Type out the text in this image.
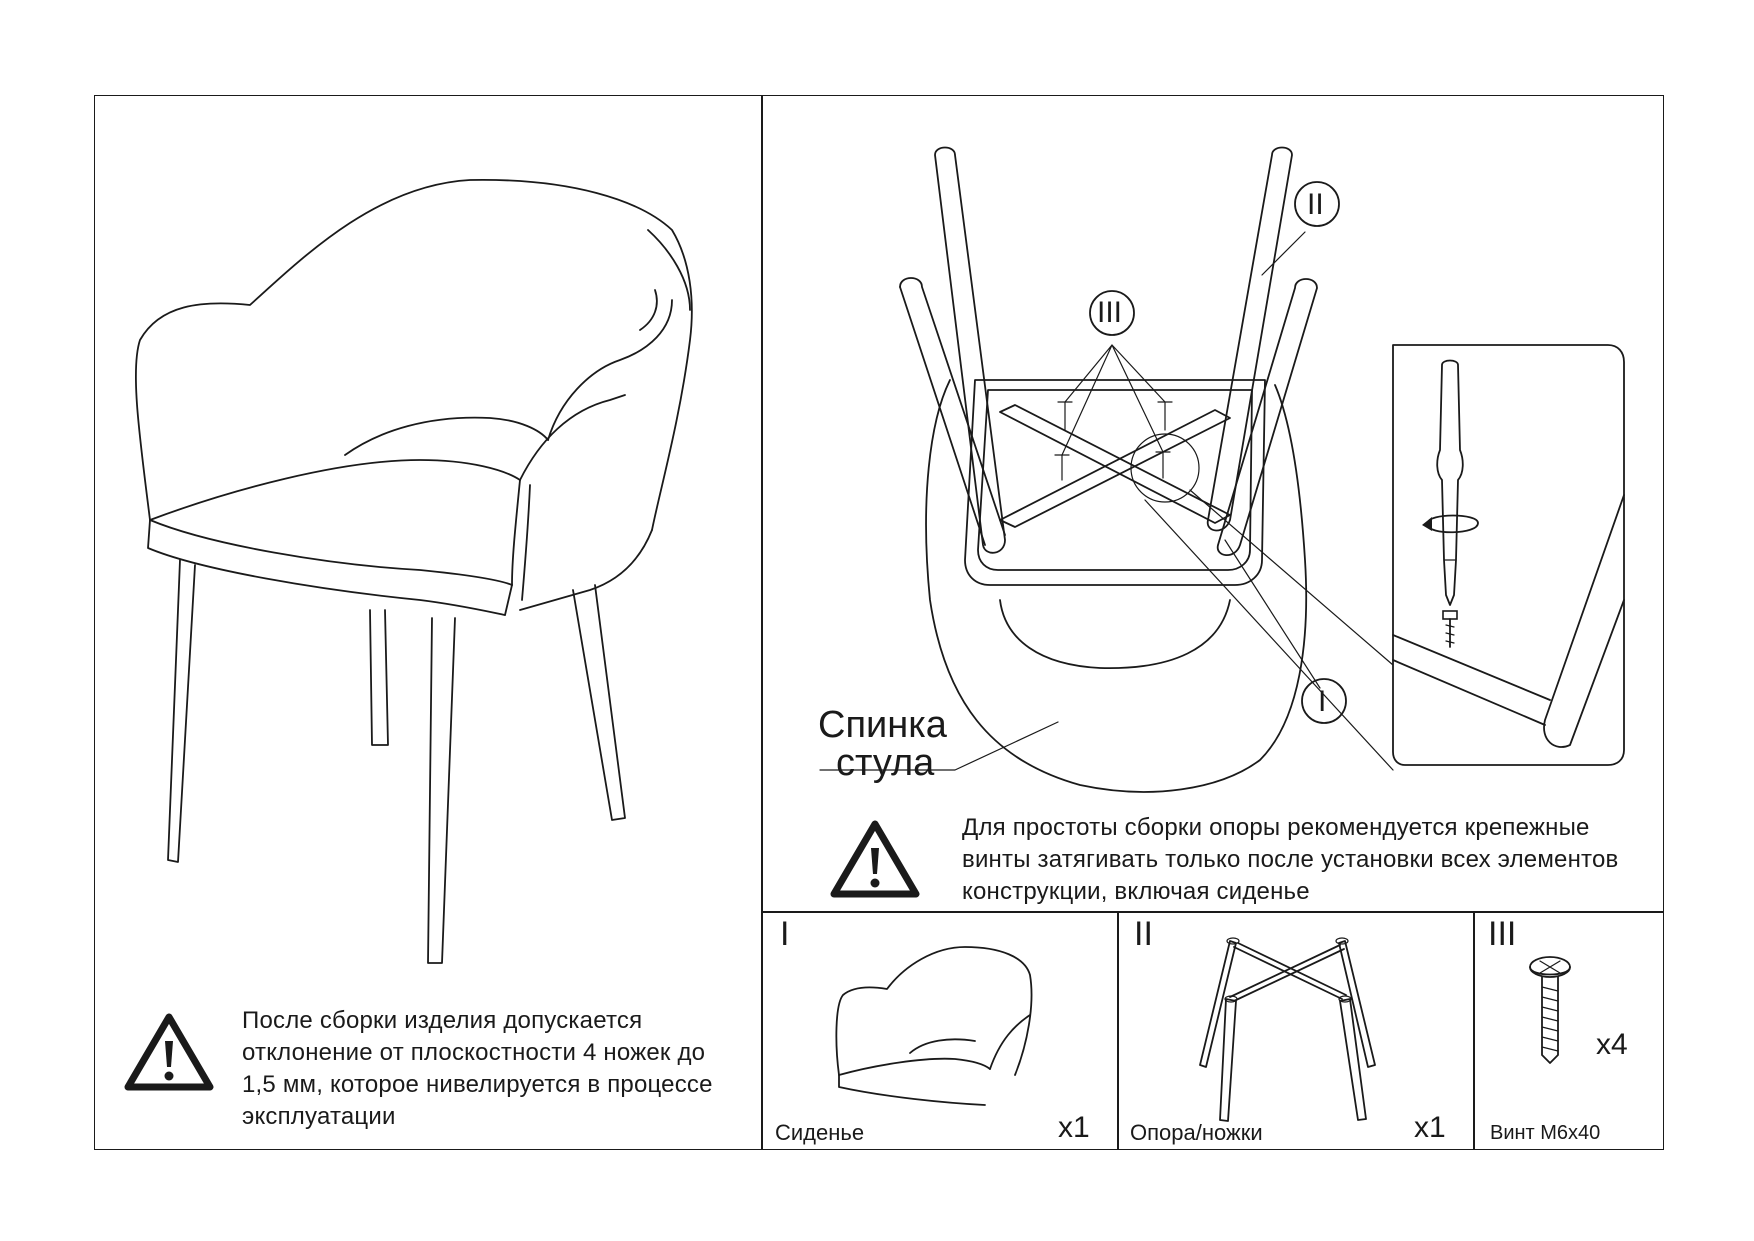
После сборки изделия допускается отклонение от плоскостности 4 ножек до 1,5 мм, которое нивелируется в процессе эксплуатации
III
II
I
Спинка
стула
Для простоты сборки опоры рекомендуется крепежные винты затягивать только после установки всех элементов конструкции, включая сиденье
I
Сиденье	x1
II
Опора/ножки	x1
III
x4
Винт М6х40
